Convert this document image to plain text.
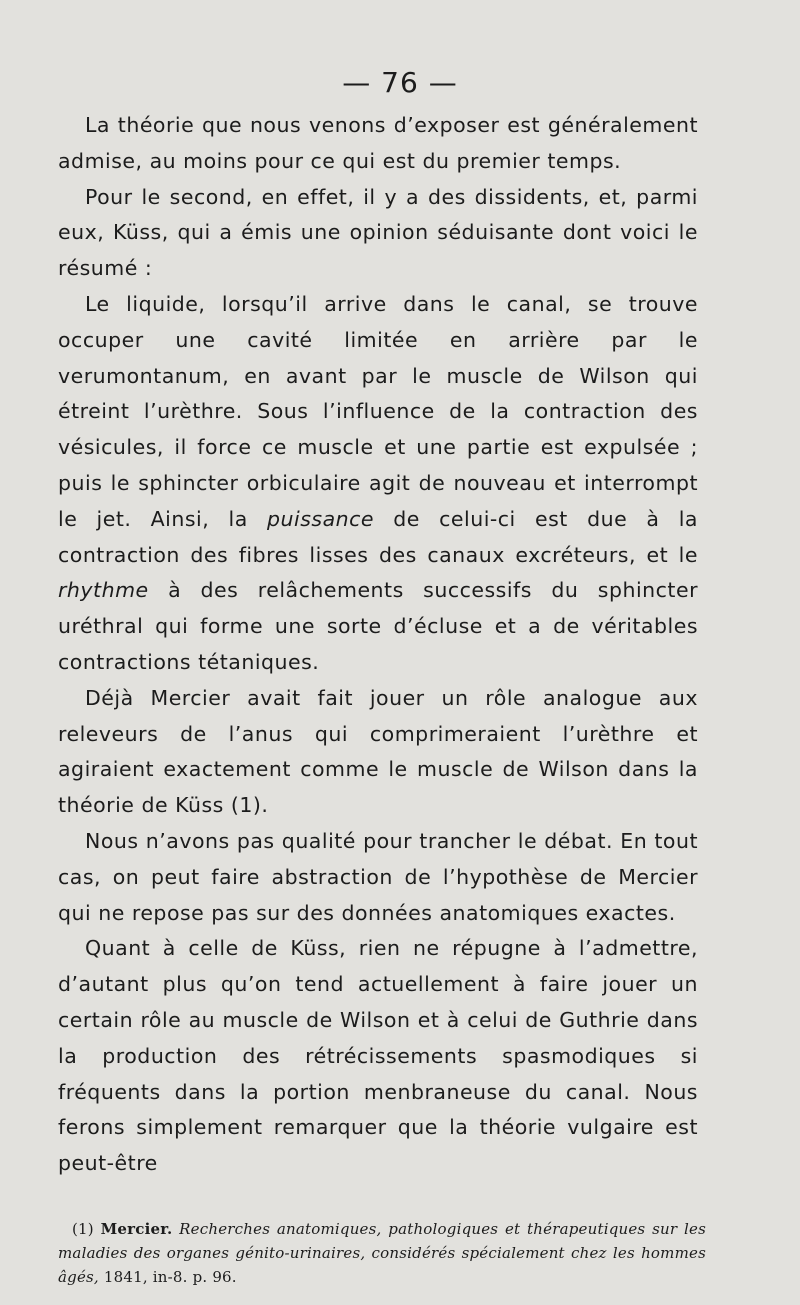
— 76 —

La théorie que nous venons d’exposer est généralement admise, au moins pour ce qui est du premier temps.

Pour le second, en effet, il y a des dissidents, et, parmi eux, Küss, qui a émis une opinion séduisante dont voici le résumé :

Le liquide, lorsqu’il arrive dans le canal, se trouve occuper une cavité limitée en arrière par le verumontanum, en avant par le muscle de Wilson qui étreint l’urèthre. Sous l’influence de la contraction des vésicules, il force ce muscle et une partie est expulsée ; puis le sphincter orbiculaire agit de nouveau et interrompt le jet. Ainsi, la puissance de celui-ci est due à la contraction des fibres lisses des canaux excréteurs, et le rhythme à des relâchements successifs du sphincter uréthral qui forme une sorte d’écluse et a de véritables contractions tétaniques.

Déjà Mercier avait fait jouer un rôle analogue aux releveurs de l’anus qui comprimeraient l’urèthre et agiraient exactement comme le muscle de Wilson dans la théorie de Küss (1).

Nous n’avons pas qualité pour trancher le débat. En tout cas, on peut faire abstraction de l’hypothèse de Mercier qui ne repose pas sur des données anatomiques exactes.

Quant à celle de Küss, rien ne répugne à l’admettre, d’autant plus qu’on tend actuellement à faire jouer un certain rôle au muscle de Wilson et à celui de Guthrie dans la production des rétrécissements spasmodiques si fréquents dans la portion menbraneuse du canal. Nous ferons simplement remarquer que la théorie vulgaire est peut-être

(1) Mercier. Recherches anatomiques, pathologiques et thérapeutiques sur les maladies des organes génito-urinaires, considérés spécialement chez les hommes âgés, 1841, in-8. p. 96.
